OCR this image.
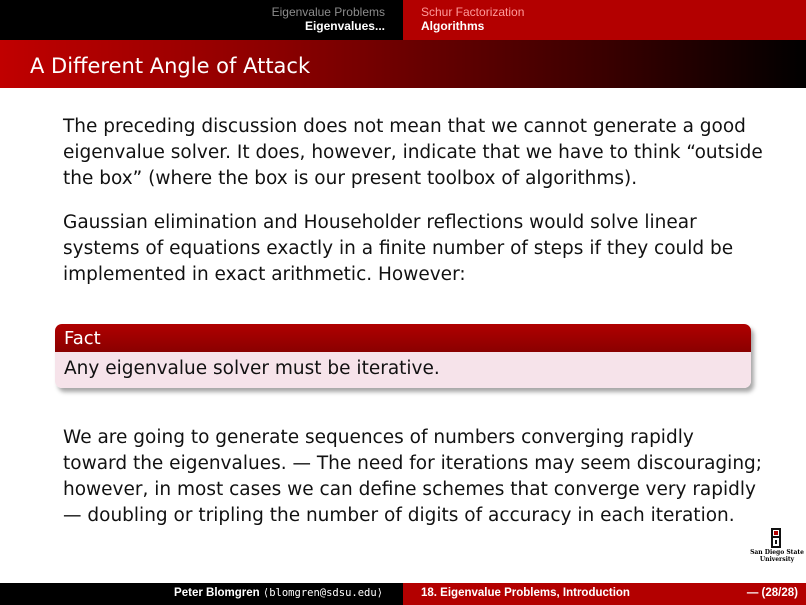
Eigenvalue Problems
Eigenvalues...
Schur Factorization
Algorithms
A Different Angle of Attack
The preceding discussion does not mean that we cannot generate a good eigenvalue solver. It does, however, indicate that we have to think “outside the box” (where the box is our present toolbox of algorithms).
Gaussian elimination and Householder reflections would solve linear systems of equations exactly in a finite number of steps if they could be implemented in exact arithmetic. However:
Fact
Any eigenvalue solver must be iterative.
We are going to generate sequences of numbers converging rapidly toward the eigenvalues. — The need for iterations may seem discouraging; however, in most cases we can define schemes that converge very rapidly — doubling or tripling the number of digits of accuracy in each iteration.
San Diego State
University
Peter Blomgren ⟨blomgren@sdsu.edu⟩	18. Eigenvalue Problems, Introduction	— (28/28)
